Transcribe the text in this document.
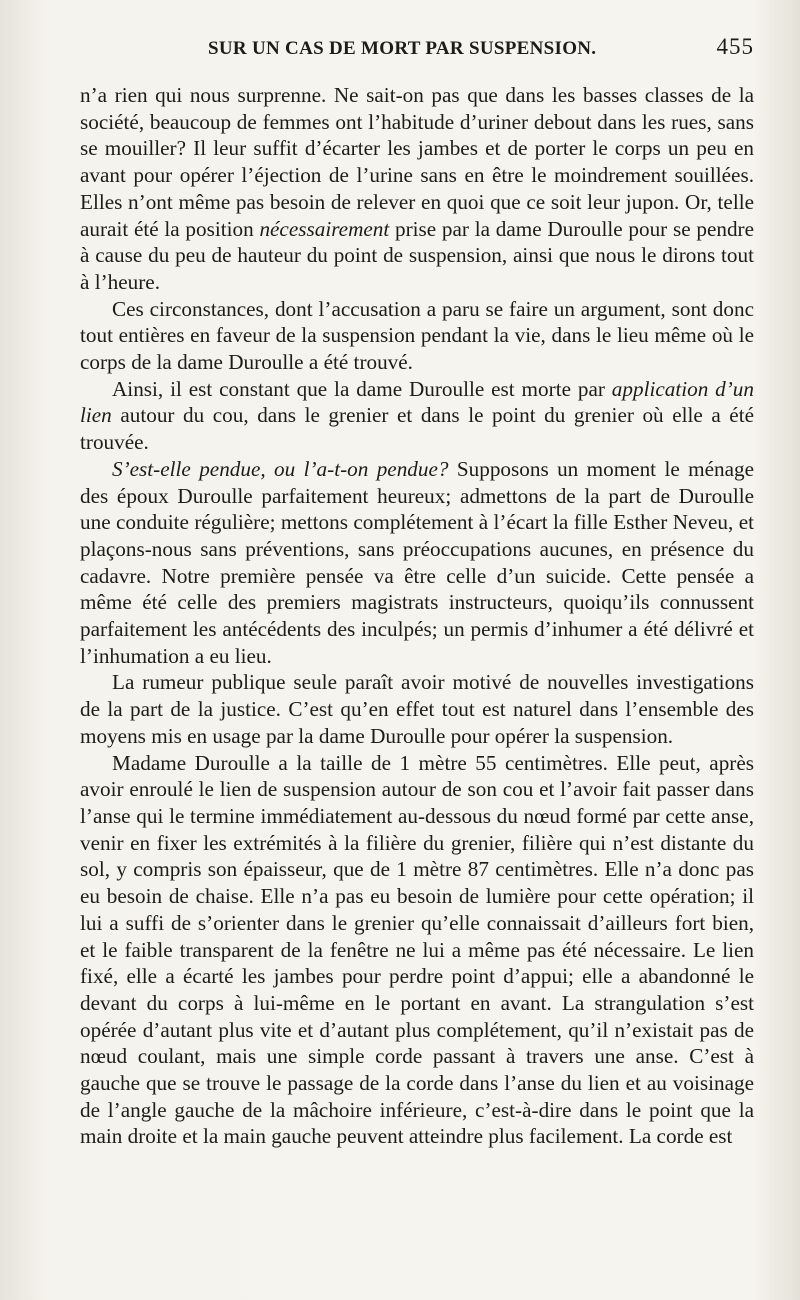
SUR UN CAS DE MORT PAR SUSPENSION.	455

n’a rien qui nous surprenne. Ne sait-on pas que dans les basses classes de la société, beaucoup de femmes ont l’habitude d’uriner debout dans les rues, sans se mouiller? Il leur suffit d’écarter les jambes et de porter le corps un peu en avant pour opérer l’éjection de l’urine sans en être le moindrement souillées. Elles n’ont même pas besoin de relever en quoi que ce soit leur jupon. Or, telle aurait été la position nécessairement prise par la dame Duroulle pour se pendre à cause du peu de hauteur du point de suspension, ainsi que nous le dirons tout à l’heure.

Ces circonstances, dont l’accusation a paru se faire un argument, sont donc tout entières en faveur de la suspension pendant la vie, dans le lieu même où le corps de la dame Duroulle a été trouvé.

Ainsi, il est constant que la dame Duroulle est morte par application d’un lien autour du cou, dans le grenier et dans le point du grenier où elle a été trouvée.

S’est-elle pendue, ou l’a-t-on pendue? Supposons un moment le ménage des époux Duroulle parfaitement heureux; admettons de la part de Duroulle une conduite régulière; mettons complétement à l’écart la fille Esther Neveu, et plaçons-nous sans préventions, sans préoccupations aucunes, en présence du cadavre. Notre première pensée va être celle d’un suicide. Cette pensée a même été celle des premiers magistrats instructeurs, quoiqu’ils connussent parfaitement les antécédents des inculpés; un permis d’inhumer a été délivré et l’inhumation a eu lieu.

La rumeur publique seule paraît avoir motivé de nouvelles investigations de la part de la justice. C’est qu’en effet tout est naturel dans l’ensemble des moyens mis en usage par la dame Duroulle pour opérer la suspension.

Madame Duroulle a la taille de 1 mètre 55 centimètres. Elle peut, après avoir enroulé le lien de suspension autour de son cou et l’avoir fait passer dans l’anse qui le termine immédiatement au-dessous du nœud formé par cette anse, venir en fixer les extrémités à la filière du grenier, filière qui n’est distante du sol, y compris son épaisseur, que de 1 mètre 87 centimètres. Elle n’a donc pas eu besoin de chaise. Elle n’a pas eu besoin de lumière pour cette opération; il lui a suffi de s’orienter dans le grenier qu’elle connaissait d’ailleurs fort bien, et le faible transparent de la fenêtre ne lui a même pas été nécessaire. Le lien fixé, elle a écarté les jambes pour perdre point d’appui; elle a abandonné le devant du corps à lui-même en le portant en avant. La strangulation s’est opérée d’autant plus vite et d’autant plus complétement, qu’il n’existait pas de nœud coulant, mais une simple corde passant à travers une anse. C’est à gauche que se trouve le passage de la corde dans l’anse du lien et au voisinage de l’angle gauche de la mâchoire inférieure, c’est-à-dire dans le point que la main droite et la main gauche peuvent atteindre plus facilement. La corde est
